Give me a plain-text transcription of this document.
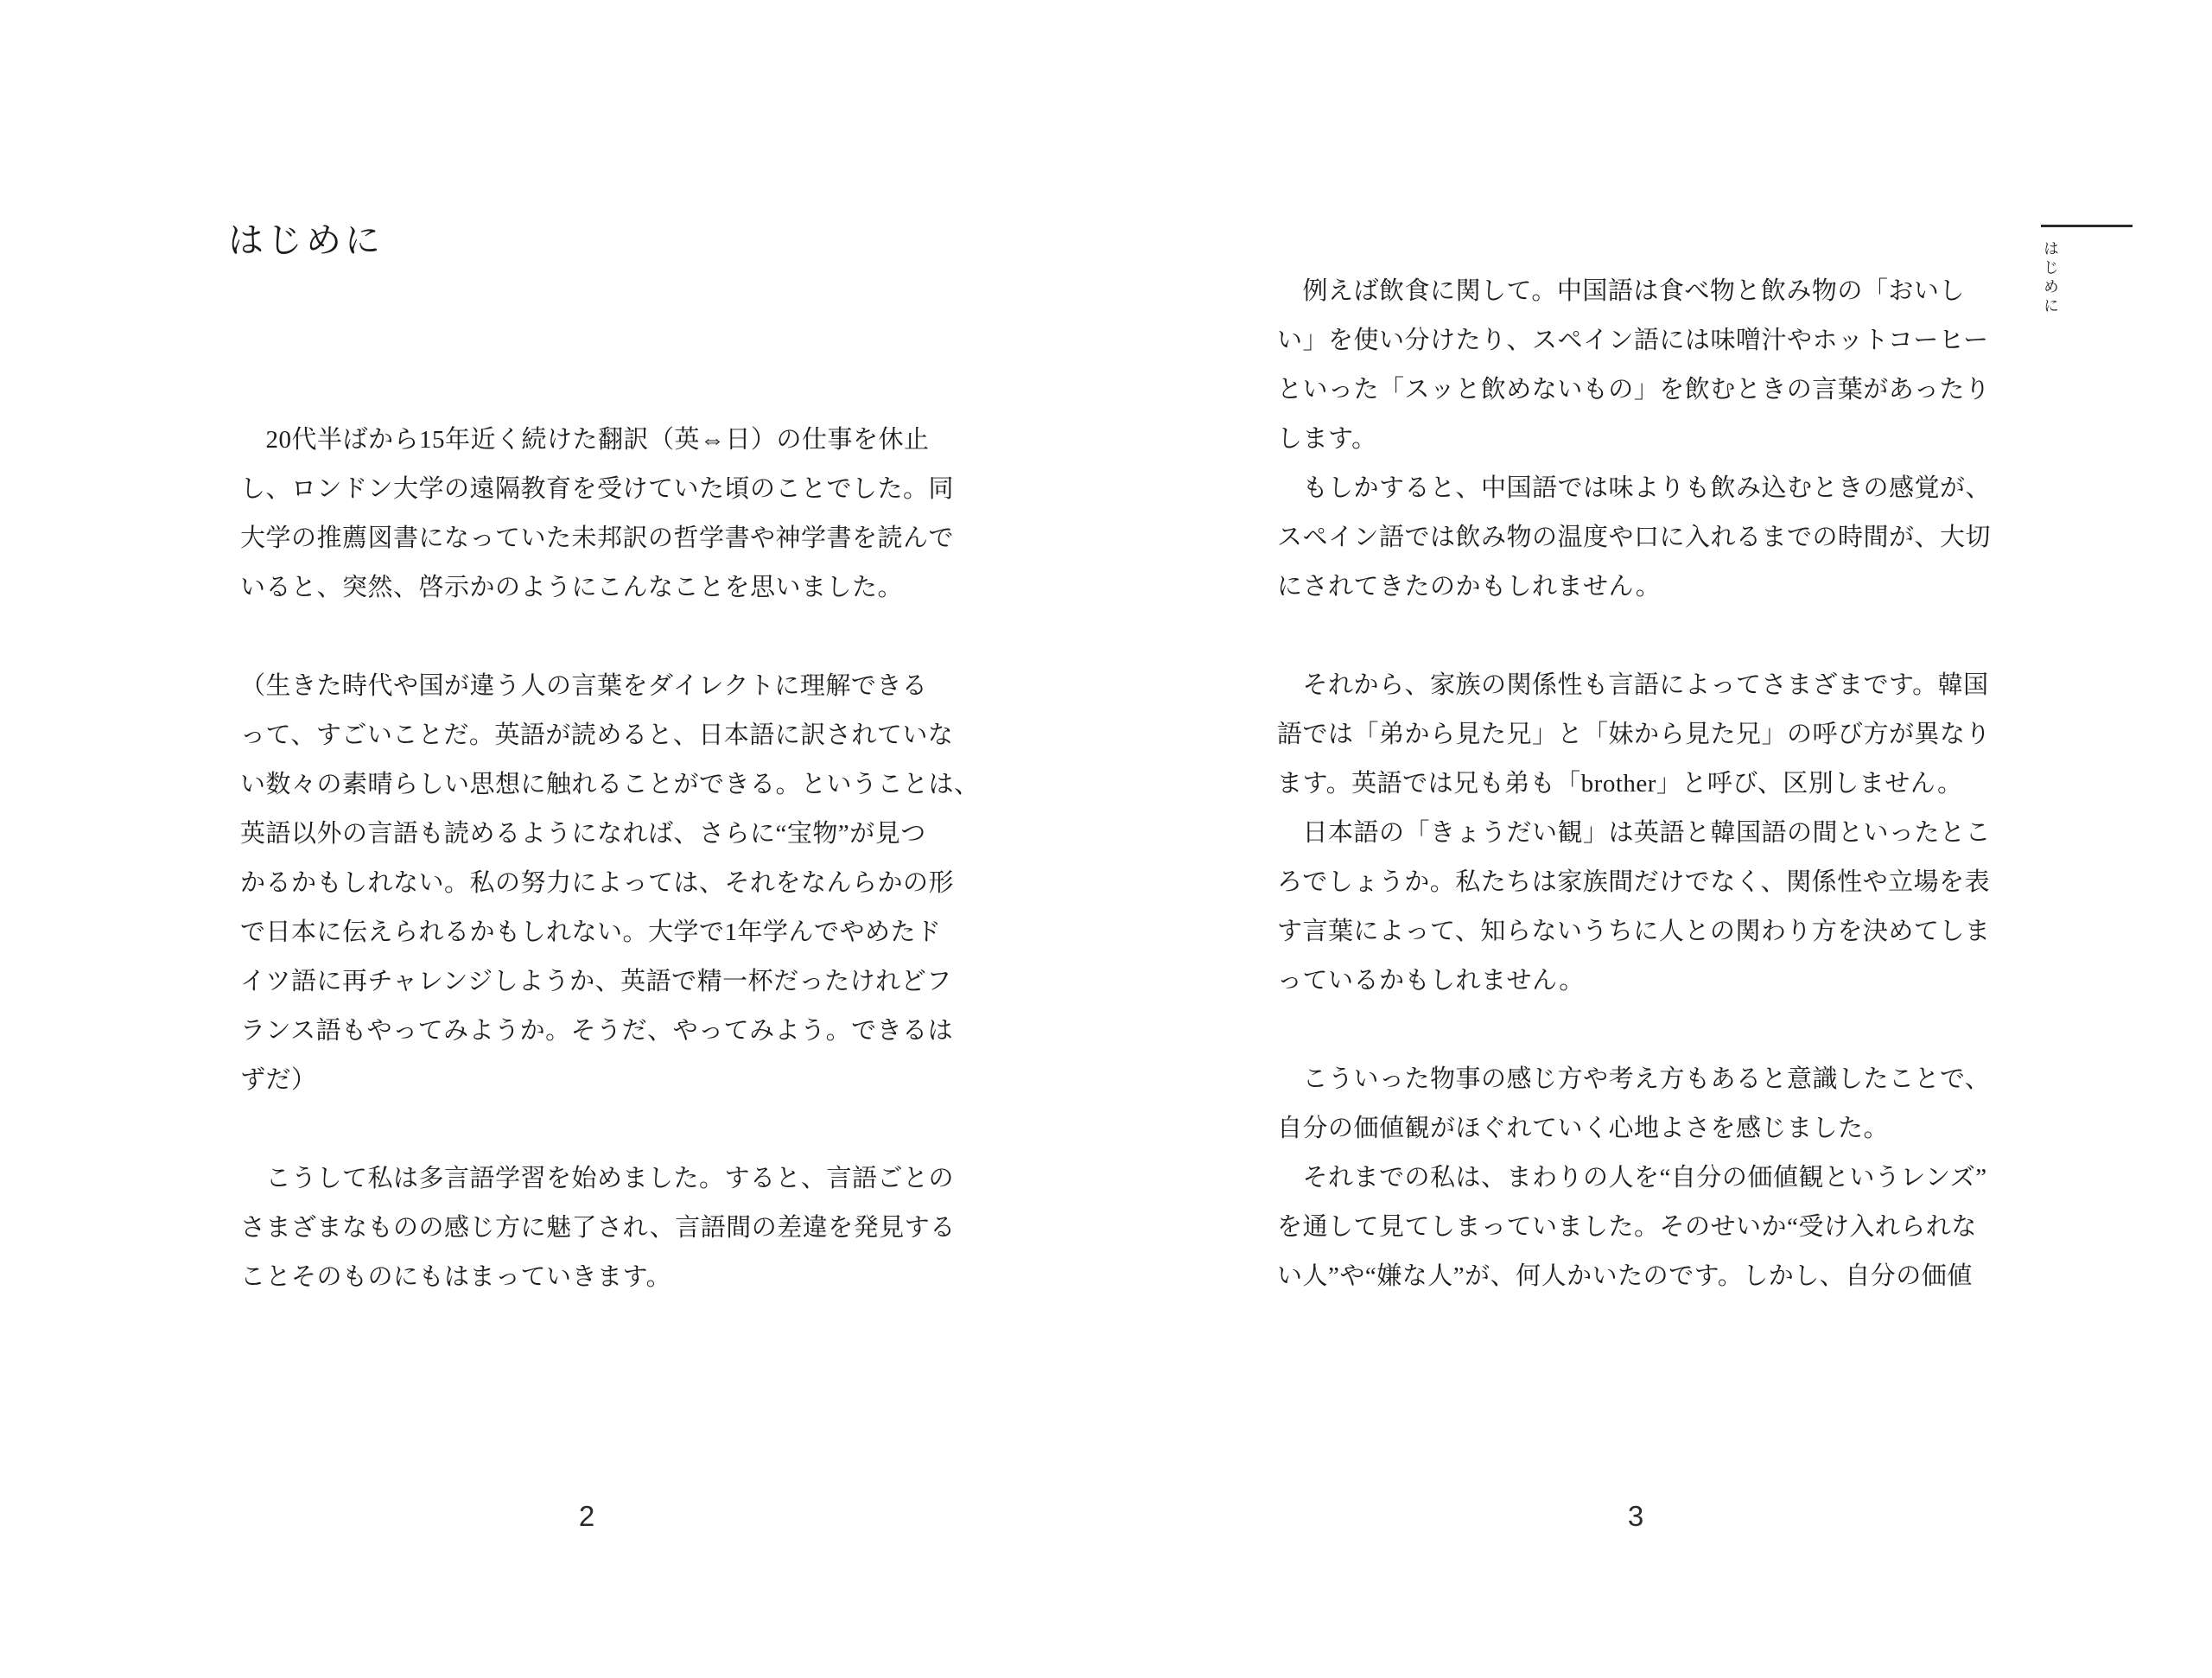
はじめに
　20代半ばから15年近く続けた翻訳（英⇔日）の仕事を休止
し、ロンドン大学の遠隔教育を受けていた頃のことでした。同
大学の推薦図書になっていた未邦訳の哲学書や神学書を読んで
いると、突然、啓示かのようにこんなことを思いました。
（生きた時代や国が違う人の言葉をダイレクトに理解できる
って、すごいことだ。英語が読めると、日本語に訳されていな
い数々の素晴らしい思想に触れることができる。ということは、
英語以外の言語も読めるようになれば、さらに“宝物”が見つ
かるかもしれない。私の努力によっては、それをなんらかの形
で日本に伝えられるかもしれない。大学で1年学んでやめたド
イツ語に再チャレンジしようか、英語で精一杯だったけれどフ
ランス語もやってみようか。そうだ、やってみよう。できるは
ずだ）
　こうして私は多言語学習を始めました。すると、言語ごとの
さまざまなものの感じ方に魅了され、言語間の差違を発見する
ことそのものにもはまっていきます。
2
　例えば飲食に関して。中国語は食べ物と飲み物の「おいし
い」を使い分けたり、スペイン語には味噌汁やホットコーヒー
といった「スッと飲めないもの」を飲むときの言葉があったり
します。
　もしかすると、中国語では味よりも飲み込むときの感覚が、
スペイン語では飲み物の温度や口に入れるまでの時間が、大切
にされてきたのかもしれません。
　それから、家族の関係性も言語によってさまざまです。韓国
語では「弟から見た兄」と「妹から見た兄」の呼び方が異なり
ます。英語では兄も弟も「brother」と呼び、区別しません。
　日本語の「きょうだい観」は英語と韓国語の間といったとこ
ろでしょうか。私たちは家族間だけでなく、関係性や立場を表
す言葉によって、知らないうちに人との関わり方を決めてしま
っているかもしれません。
　こういった物事の感じ方や考え方もあると意識したことで、
自分の価値観がほぐれていく心地よさを感じました。
　それまでの私は、まわりの人を“自分の価値観というレンズ”
を通して見てしまっていました。そのせいか“受け入れられな
い人”や“嫌な人”が、何人かいたのです。しかし、自分の価値
3
はじめに
